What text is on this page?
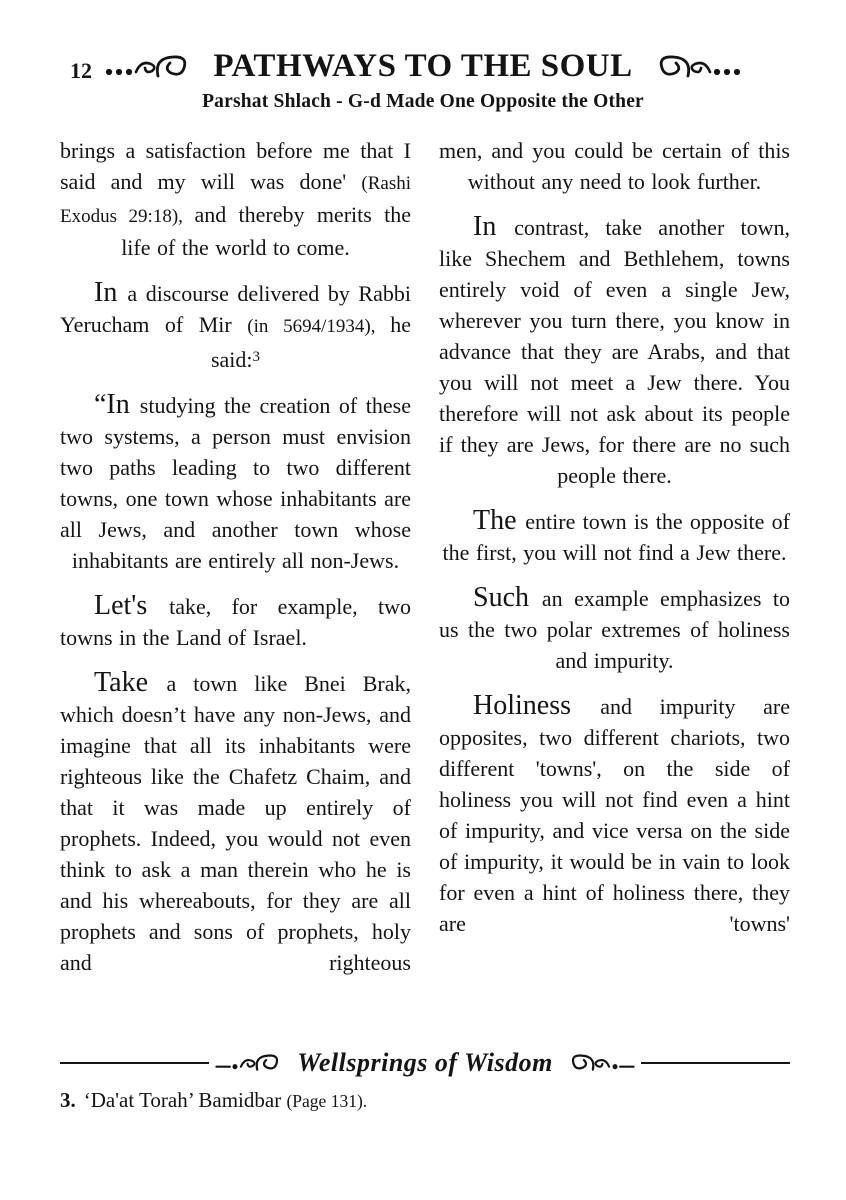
12	PATHWAYS TO THE SOUL
Parshat Shlach - G-d Made One Opposite the Other

brings a satisfaction before me that I said and my will was done' (Rashi Exodus 29:18), and thereby merits the life of the world to come.

In a discourse delivered by Rabbi Yerucham of Mir (in 5694/1934), he said:$^3$

“In studying the creation of these two systems, a person must envision two paths leading to two different towns, one town whose inhabitants are all Jews, and another town whose inhabitants are entirely all non-Jews.

Let's take, for example, two towns in the Land of Israel.

Take a town like Bnei Brak, which doesn’t have any non-Jews, and imagine that all its inhabitants were righteous like the Chafetz Chaim, and that it was made up entirely of prophets. Indeed, you would not even think to ask a man therein who he is and his whereabouts, for they are all prophets and sons of prophets, holy and righteous

men, and you could be certain of this without any need to look further.

In contrast, take another town, like Shechem and Bethlehem, towns entirely void of even a single Jew, wherever you turn there, you know in advance that they are Arabs, and that you will not meet a Jew there. You therefore will not ask about its people if they are Jews, for there are no such people there.

The entire town is the opposite of the first, you will not find a Jew there.

Such an example emphasizes to us the two polar extremes of holiness and impurity.

Holiness and impurity are opposites, two different chariots, two different 'towns', on the side of holiness you will not find even a hint of impurity, and vice versa on the side of impurity, it would be in vain to look for even a hint of holiness there, they are 'towns'

Wellsprings of Wisdom
3. ‘Da'at Torah’ Bamidbar (Page 131).
